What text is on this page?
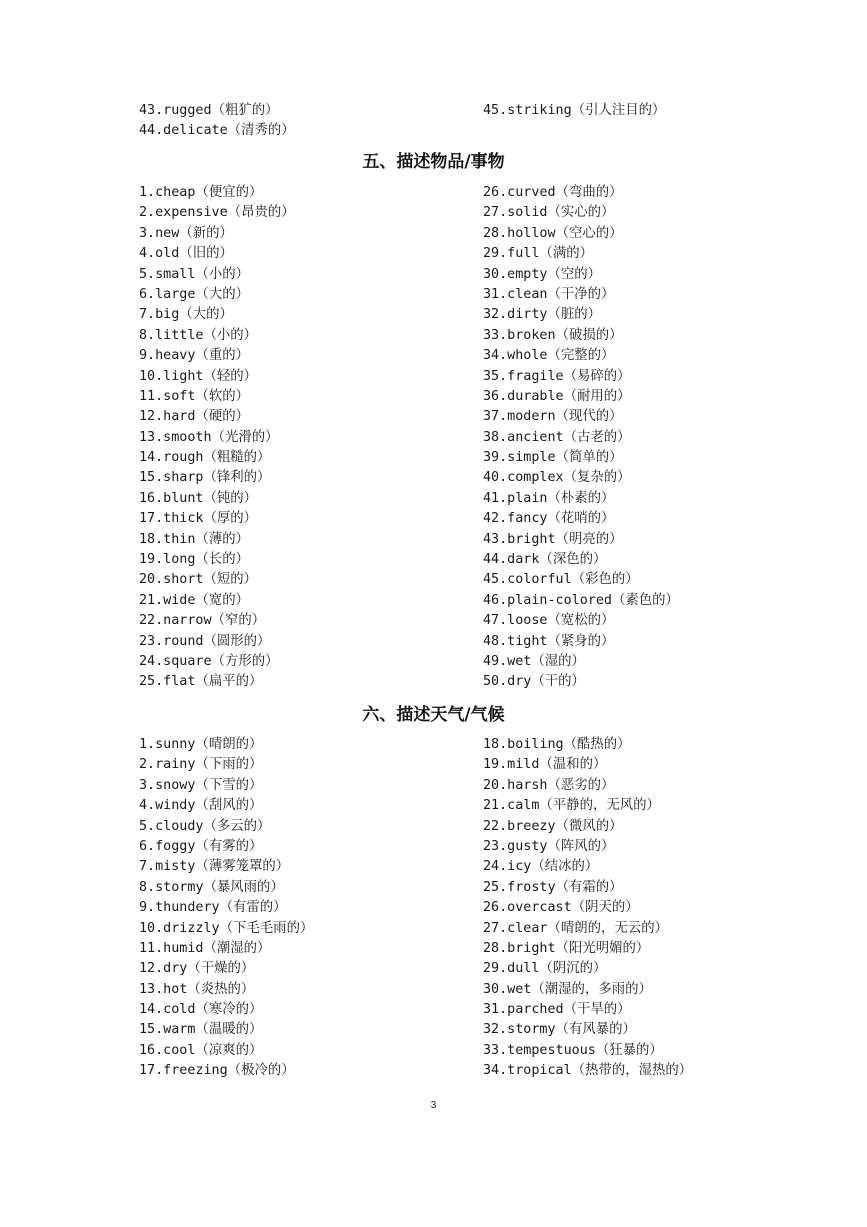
43.rugged（粗犷的）
44.delicate（清秀的）
45.striking（引人注目的）
五、描述物品/事物
1.cheap（便宜的）
2.expensive（昂贵的）
3.new（新的）
4.old（旧的）
5.small（小的）
6.large（大的）
7.big（大的）
8.little（小的）
9.heavy（重的）
10.light（轻的）
11.soft（软的）
12.hard（硬的）
13.smooth（光滑的）
14.rough（粗糙的）
15.sharp（锋利的）
16.blunt（钝的）
17.thick（厚的）
18.thin（薄的）
19.long（长的）
20.short（短的）
21.wide（宽的）
22.narrow（窄的）
23.round（圆形的）
24.square（方形的）
25.flat（扁平的）
26.curved（弯曲的）
27.solid（实心的）
28.hollow（空心的）
29.full（满的）
30.empty（空的）
31.clean（干净的）
32.dirty（脏的）
33.broken（破损的）
34.whole（完整的）
35.fragile（易碎的）
36.durable（耐用的）
37.modern（现代的）
38.ancient（古老的）
39.simple（简单的）
40.complex（复杂的）
41.plain（朴素的）
42.fancy（花哨的）
43.bright（明亮的）
44.dark（深色的）
45.colorful（彩色的）
46.plain-colored（素色的）
47.loose（宽松的）
48.tight（紧身的）
49.wet（湿的）
50.dry（干的）
六、描述天气/气候
1.sunny（晴朗的）
2.rainy（下雨的）
3.snowy（下雪的）
4.windy（刮风的）
5.cloudy（多云的）
6.foggy（有雾的）
7.misty（薄雾笼罩的）
8.stormy（暴风雨的）
9.thundery（有雷的）
10.drizzly（下毛毛雨的）
11.humid（潮湿的）
12.dry（干燥的）
13.hot（炎热的）
14.cold（寒冷的）
15.warm（温暖的）
16.cool（凉爽的）
17.freezing（极冷的）
18.boiling（酷热的）
19.mild（温和的）
20.harsh（恶劣的）
21.calm（平静的，无风的）
22.breezy（微风的）
23.gusty（阵风的）
24.icy（结冰的）
25.frosty（有霜的）
26.overcast（阴天的）
27.clear（晴朗的，无云的）
28.bright（阳光明媚的）
29.dull（阴沉的）
30.wet（潮湿的，多雨的）
31.parched（干旱的）
32.stormy（有风暴的）
33.tempestuous（狂暴的）
34.tropical（热带的，湿热的）
3
